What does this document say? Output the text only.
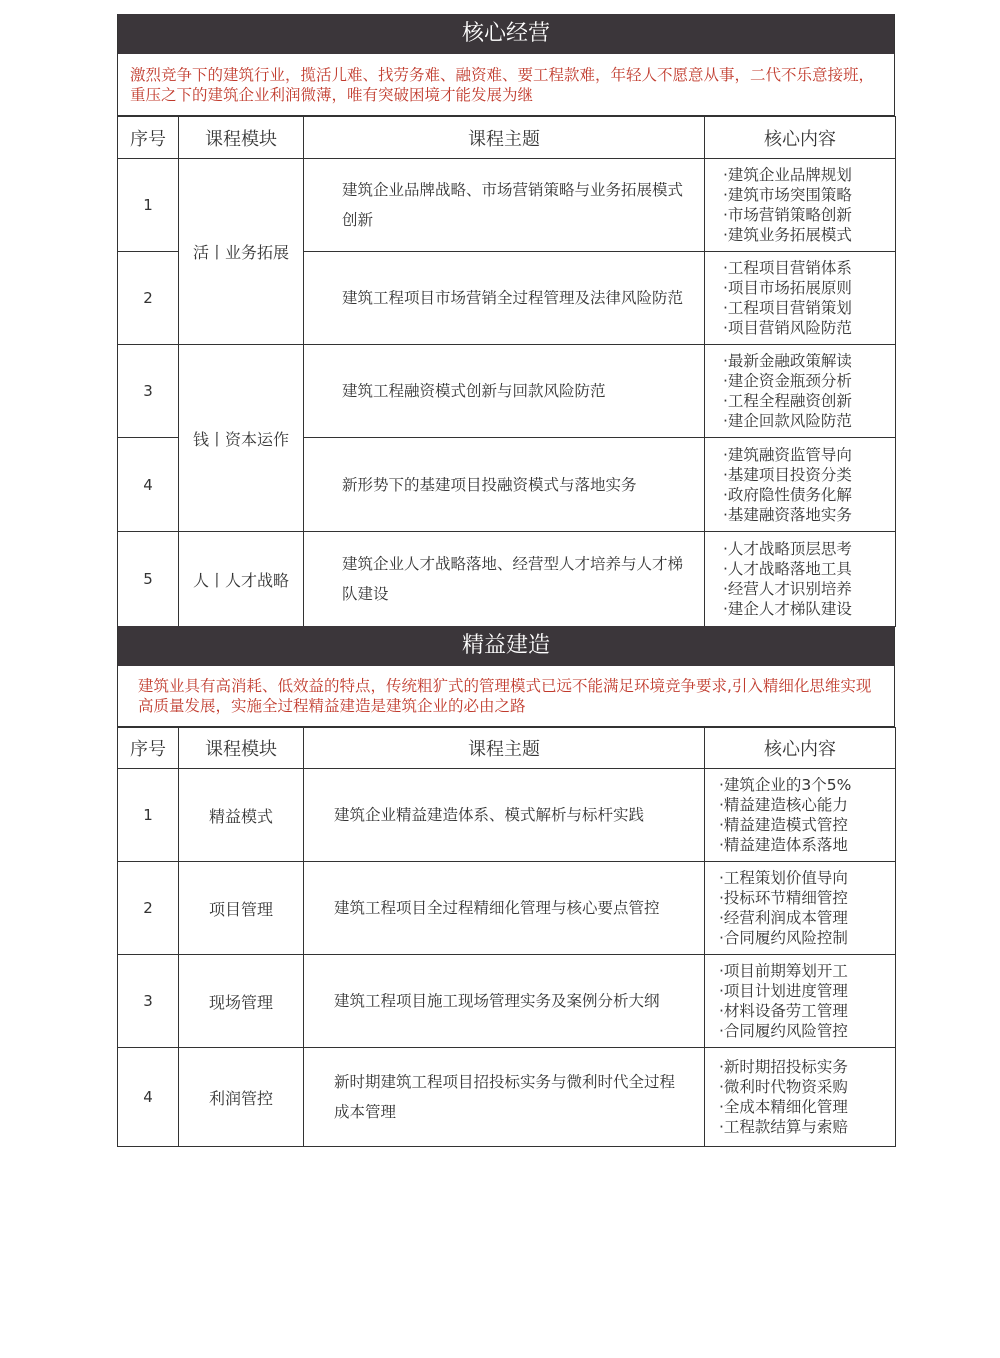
核心经营
激烈竞争下的建筑行业，揽活儿难、找劳务难、融资难、要工程款难，年轻人不愿意从事，二代不乐意接班，重压之下的建筑企业利润微薄，唯有突破困境才能发展为继
序号	课程模块	课程主题	核心内容
1	活丨业务拓展	建筑企业品牌战略、市场营销策略与业务拓展模式创新	·建筑企业品牌规划
·建筑市场突围策略
·市场营销策略创新
·建筑业务拓展模式

2		建筑工程项目市场营销全过程管理及法律风险防范	·工程项目营销体系
·项目市场拓展原则
·工程项目营销策划
·项目营销风险防范

3	钱丨资本运作	建筑工程融资模式创新与回款风险防范	·最新金融政策解读
·建企资金瓶颈分析
·工程全程融资创新
·建企回款风险防范

4		新形势下的基建项目投融资模式与落地实务	·建筑融资监管导向
·基建项目投资分类
·政府隐性债务化解
·基建融资落地实务

5	人丨人才战略	建筑企业人才战略落地、经营型人才培养与人才梯队建设	·人才战略顶层思考
·人才战略落地工具
·经营人才识别培养
·建企人才梯队建设
精益建造
建筑业具有高消耗、低效益的特点，传统粗犷式的管理模式已远不能满足环境竞争要求,引入精细化思维实现 高质量发展，实施全过程精益建造是建筑企业的必由之路
序号	课程模块	课程主题	核心内容
1	精益模式	建筑企业精益建造体系、模式解析与标杆实践	·建筑企业的3个5%
·精益建造核心能力
·精益建造模式管控
·精益建造体系落地

2	项目管理	建筑工程项目全过程精细化管理与核心要点管控	·工程策划价值导向
·投标环节精细管控
·经营利润成本管理
·合同履约风险控制

3	现场管理	建筑工程项目施工现场管理实务及案例分析大纲	·项目前期筹划开工
·项目计划进度管理
·材料设备劳工管理
·合同履约风险管控

4	利润管控	新时期建筑工程项目招投标实务与微利时代全过程成本管理	·新时期招投标实务
·微利时代物资采购
·全成本精细化管理
·工程款结算与索赔
